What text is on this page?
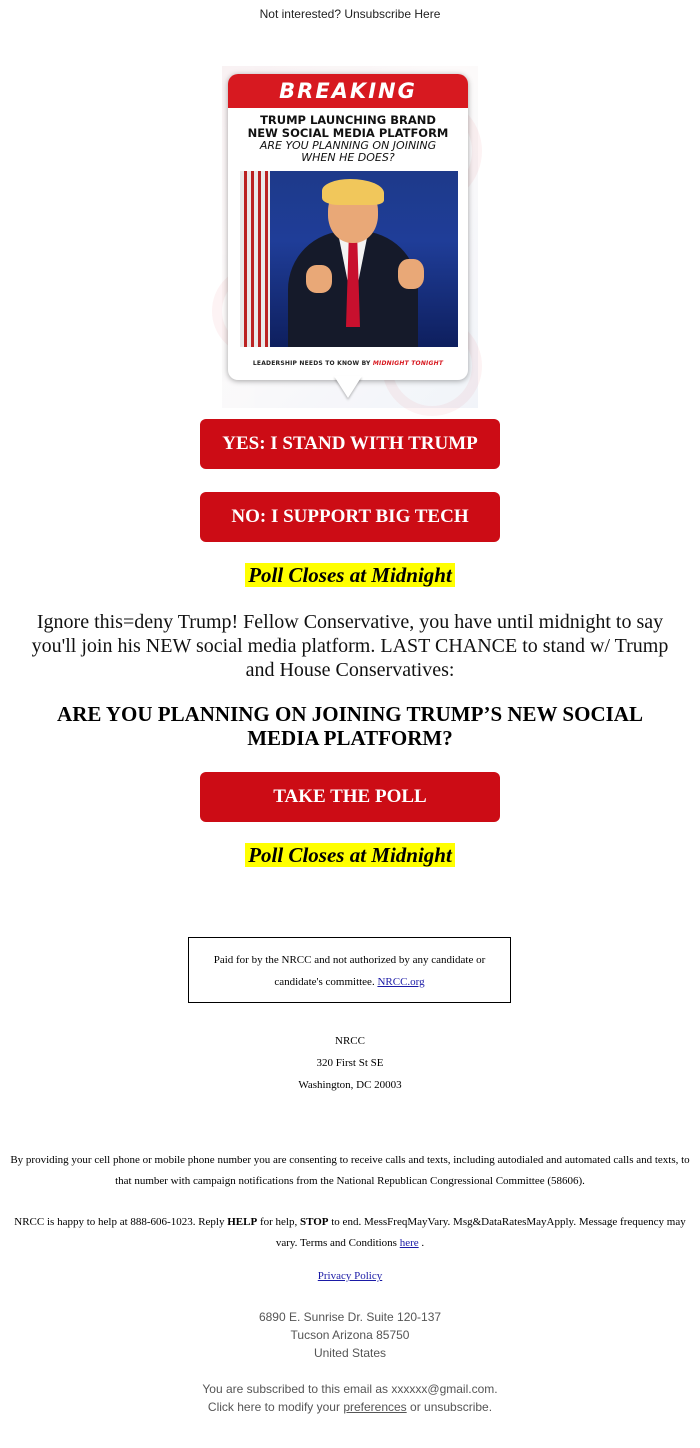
Not interested? Unsubscribe Here
BREAKING
TRUMP LAUNCHING BRAND
NEW SOCIAL MEDIA PLATFORM
ARE YOU PLANNING ON JOINING
WHEN HE DOES?
LEADERSHIP NEEDS TO KNOW BY MIDNIGHT TONIGHT
YES: I STAND WITH TRUMP
NO: I SUPPORT BIG TECH
Poll Closes at Midnight
Ignore this=deny Trump! Fellow Conservative, you have until midnight to say you'll join his NEW social media platform. LAST CHANCE to stand w/ Trump and House Conservatives:
ARE YOU PLANNING ON JOINING TRUMP’S NEW SOCIAL MEDIA PLATFORM?
TAKE THE POLL
Poll Closes at Midnight
Paid for by the NRCC and not authorized by any candidate or candidate's committee. NRCC.org
NRCC
320 First St SE
Washington, DC 20003
By providing your cell phone or mobile phone number you are consenting to receive calls and texts, including autodialed and automated calls and texts, to that number with campaign notifications from the National Republican Congressional Committee (58606).
NRCC is happy to help at 888-606-1023. Reply HELP for help, STOP to end. MessFreqMayVary. Msg&DataRatesMayApply. Message frequency may vary. Terms and Conditions here .
Privacy Policy
6890 E. Sunrise Dr. Suite 120-137
Tucson Arizona 85750
United States
You are subscribed to this email as xxxxxx@gmail.com.
Click here to modify your preferences or unsubscribe.
